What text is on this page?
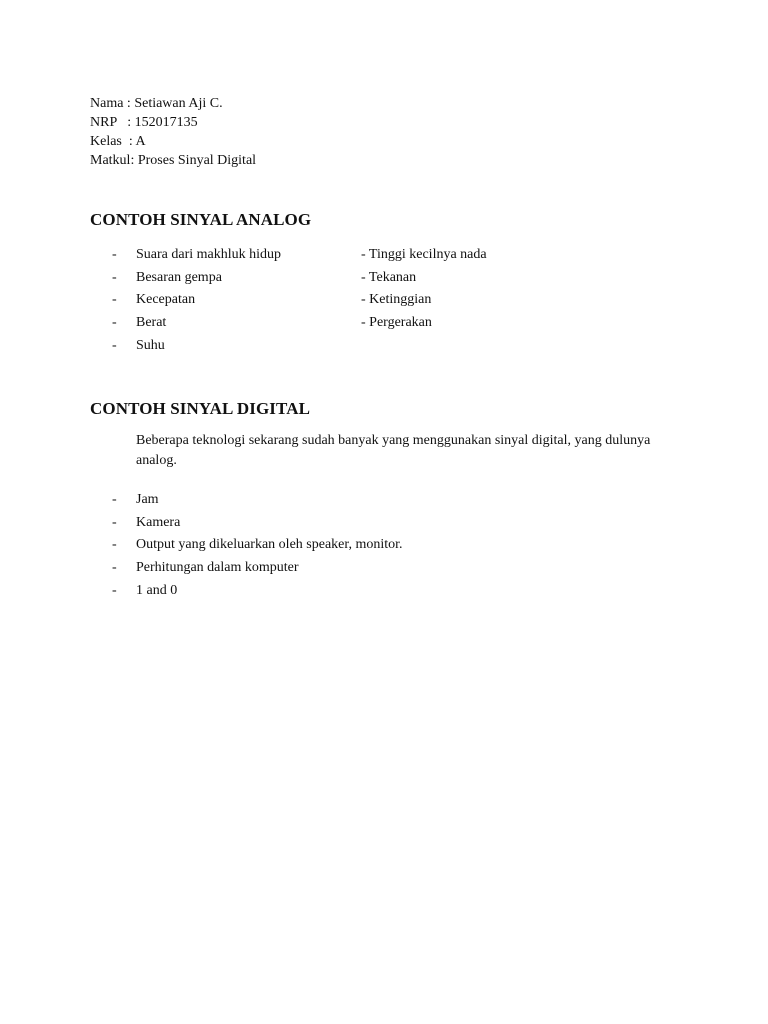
Nama : Setiawan Aji C.
NRP   : 152017135
Kelas  : A
Matkul: Proses Sinyal Digital
CONTOH SINYAL ANALOG
-	Suara dari makhluk hidup
-	Besaran gempa
-	Kecepatan
-	Berat
-	Suhu
- Tinggi kecilnya nada
- Tekanan
- Ketinggian
- Pergerakan
CONTOH SINYAL DIGITAL
Beberapa teknologi sekarang sudah banyak yang menggunakan sinyal digital, yang dulunya analog.
-	Jam
-	Kamera
-	Output yang dikeluarkan oleh speaker, monitor.
-	Perhitungan dalam komputer
-	1 and 0
